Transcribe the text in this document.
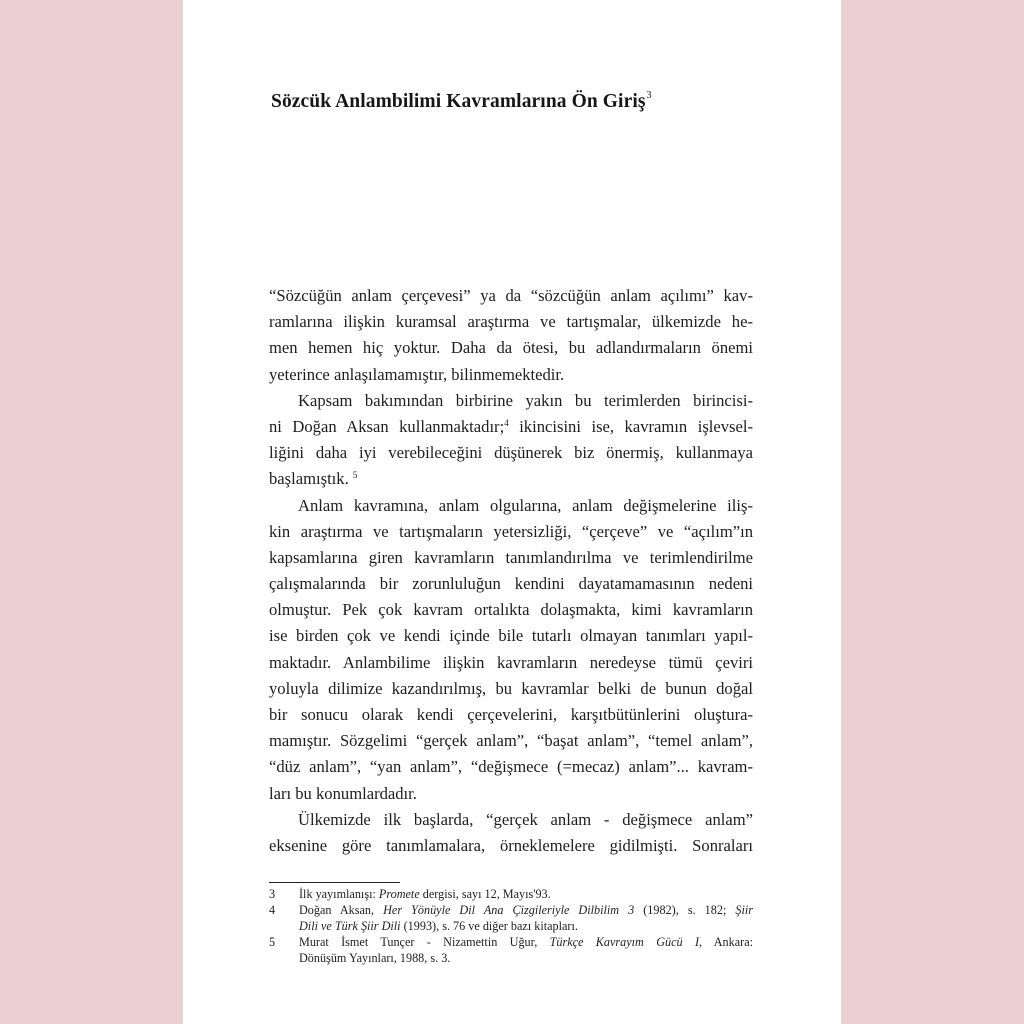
Sözcük Anlambilimi Kavramlarına Ön Giriş$^3$
“Sözcüğün anlam çerçevesi” ya da “sözcüğün anlam açılımı” kav-
ramlarına ilişkin kuramsal araştırma ve tartışmalar, ülkemizde he-
men hemen hiç yoktur. Daha da ötesi, bu adlandırmaların önemi
yeterince anlaşılamamıştır, bilinmemektedir.
Kapsam bakımından birbirine yakın bu terimlerden birincisi-
ni Doğan Aksan kullanmaktadır;$^4$ ikincisini ise, kavramın işlevsel-
liğini daha iyi verebileceğini düşünerek biz önermiş, kullanmaya
başlamıştık. $^5$
Anlam kavramına, anlam olgularına, anlam değişmelerine iliş-
kin araştırma ve tartışmaların yetersizliği, “çerçeve” ve “açılım”ın
kapsamlarına giren kavramların tanımlandırılma ve terimlendirilme
çalışmalarında bir zorunluluğun kendini dayatamamasının nedeni
olmuştur. Pek çok kavram ortalıkta dolaşmakta, kimi kavramların
ise birden çok ve kendi içinde bile tutarlı olmayan tanımları yapıl-
maktadır. Anlambilime ilişkin kavramların neredeyse tümü çeviri
yoluyla dilimize kazandırılmış, bu kavramlar belki de bunun doğal
bir sonucu olarak kendi çerçevelerini, karşıtbütünlerini oluştura-
mamıştır. Sözgelimi “gerçek anlam”, “başat anlam”, “temel anlam”,
“düz anlam”, “yan anlam”, “değişmece (=mecaz) anlam”... kavram-
ları bu konumlardadır.
Ülkemizde ilk başlarda, “gerçek anlam - değişmece anlam”
eksenine göre tanımlamalara, örneklemelere gidilmişti. Sonraları
3	İlk yayımlanışı: Promete dergisi, sayı 12, Mayıs'93.
4	Doğan Aksan, Her Yönüyle Dil Ana Çizgileriyle Dilbilim 3 (1982), s. 182; Şiir
Dili ve Türk Şiir Dili (1993), s. 76 ve diğer bazı kitapları.
5	Murat İsmet Tunçer - Nizamettin Uğur, Türkçe Kavrayım Gücü I, Ankara:
Dönüşüm Yayınları, 1988, s. 3.
